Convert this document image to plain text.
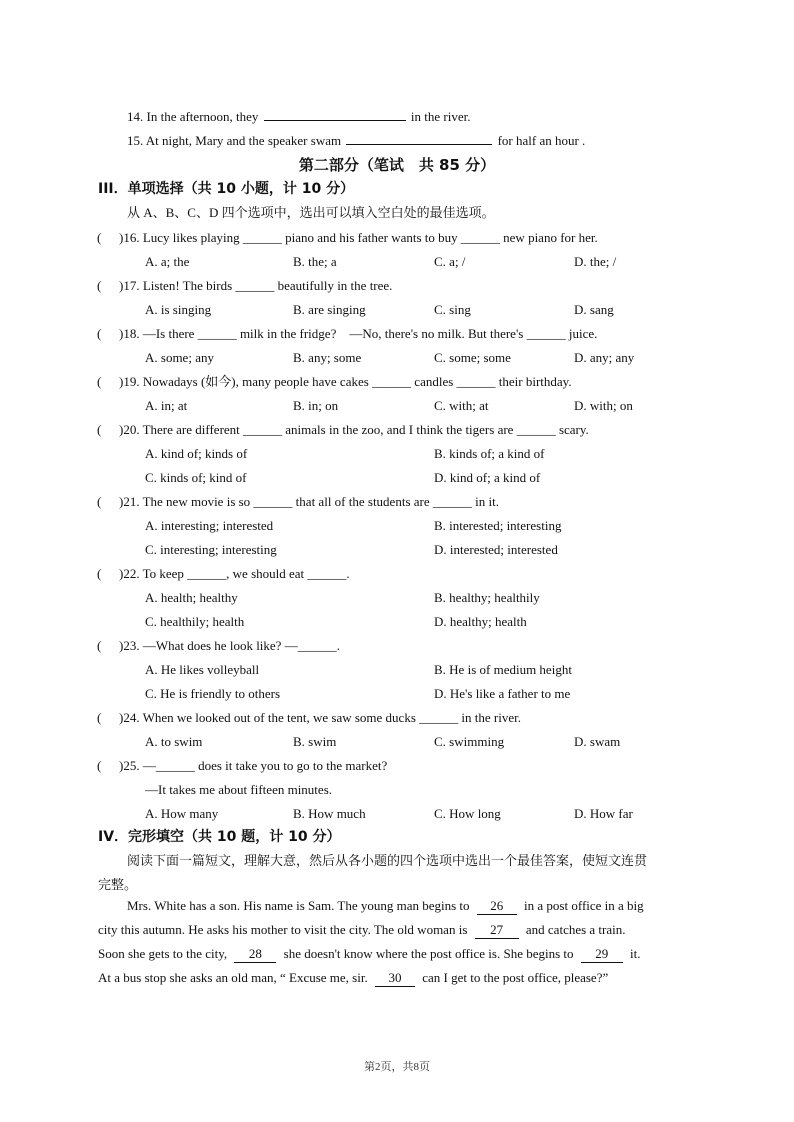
14. In the afternoon, they	in the river.
15. At night, Mary and the speaker swam	for half an hour .
第二部分（笔试　共 85 分）
III．单项选择（共 10 小题，计 10 分）
从 A、B、C、D 四个选项中，选出可以填入空白处的最佳选项。
( )16. Lucy likes playing ______ piano and his father wants to buy ______ new piano for her.
A. a; the	B. the; a	C. a; /	D. the; /
( )17. Listen! The birds ______ beautifully in the tree.
A. is singing	B. are singing	C. sing	D. sang
( )18. —Is there ______ milk in the fridge?　—No, there's no milk. But there's ______ juice.
A. some; any	B. any; some	C. some; some	D. any; any
( )19. Nowadays (如今), many people have cakes ______ candles ______ their birthday.
A. in; at	B. in; on	C. with; at	D. with; on
( )20. There are different ______ animals in the zoo, and I think the tigers are ______ scary.
A. kind of; kinds of	B. kinds of; a kind of
C. kinds of; kind of	D. kind of; a kind of
( )21. The new movie is so ______ that all of the students are ______ in it.
A. interesting; interested	B. interested; interesting
C. interesting; interesting	D. interested; interested
( )22. To keep ______, we should eat ______.
A. health; healthy	B. healthy; healthily
C. healthily; health	D. healthy; health
( )23. —What does he look like? —______.
A. He likes volleyball	B. He is of medium height
C. He is friendly to others	D. He's like a father to me
( )24. When we looked out of the tent, we saw some ducks ______ in the river.
A. to swim	B. swim	C. swimming	D. swam
( )25. —______ does it take you to go to the market?
—It takes me about fifteen minutes.
A. How many	B. How much	C. How long	D. How far
IV．完形填空（共 10 题，计 10 分）
阅读下面一篇短文，理解大意，然后从各小题的四个选项中选出一个最佳答案，使短文连贯
完整。
Mrs. White has a son. His name is Sam. The young man begins to 26 in a post office in a big
city this autumn. He asks his mother to visit the city. The old woman is 27 and catches a train.
Soon she gets to the city, 28 she doesn't know where the post office is. She begins to 29 it.
At a bus stop she asks an old man, “ Excuse me, sir. 30 can I get to the post office, please?”
第2页，共8页
